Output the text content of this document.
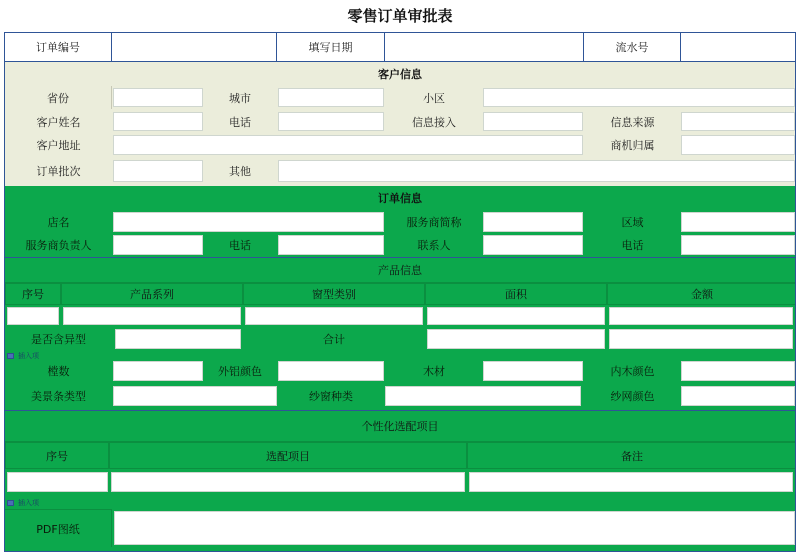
零售订单审批表
订单编号	填写日期	流水号
客户信息
省份	城市	小区
客户姓名	电话	信息接入	信息来源
客户地址	商机归属
订单批次	其他
订单信息
店名	服务商简称	区域
服务商负责人	电话	联系人	电话
产品信息
序号	产品系列	窗型类别	面积	金额
是否含异型	合计
插入项
樘数	外铝颜色	木材	内木颜色
美景条类型	纱窗种类	纱网颜色
个性化选配项目
序号	选配项目	备注
插入项
PDF图纸
